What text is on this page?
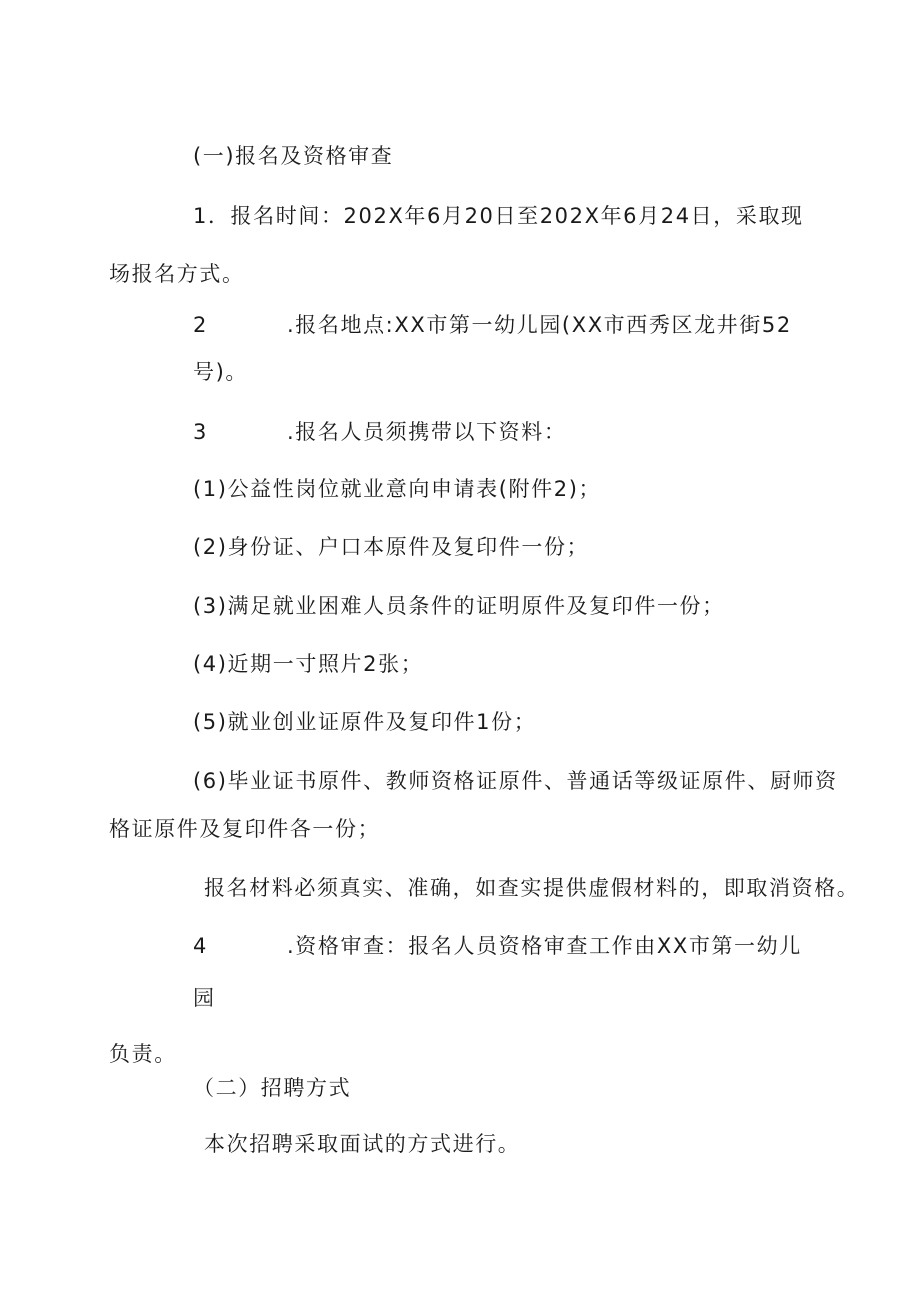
(一)报名及资格审查
1．报名时间：202X年6月20日至202X年6月24日，采取现
场报名方式。
2	.报名地点:XX市第一幼儿园(XX市西秀区龙井街52
号)。
3	.报名人员须携带以下资料：
(1)公益性岗位就业意向申请表(附件2)；
(2)身份证、户口本原件及复印件一份；
(3)满足就业困难人员条件的证明原件及复印件一份；
(4)近期一寸照片2张；
(5)就业创业证原件及复印件1份；
(6)毕业证书原件、教师资格证原件、普通话等级证原件、厨师资
格证原件及复印件各一份；
报名材料必须真实、准确，如查实提供虚假材料的，即取消资格。
4	.资格审查：报名人员资格审查工作由XX市第一幼儿
园
负责。
（二）招聘方式
本次招聘采取面试的方式进行。
